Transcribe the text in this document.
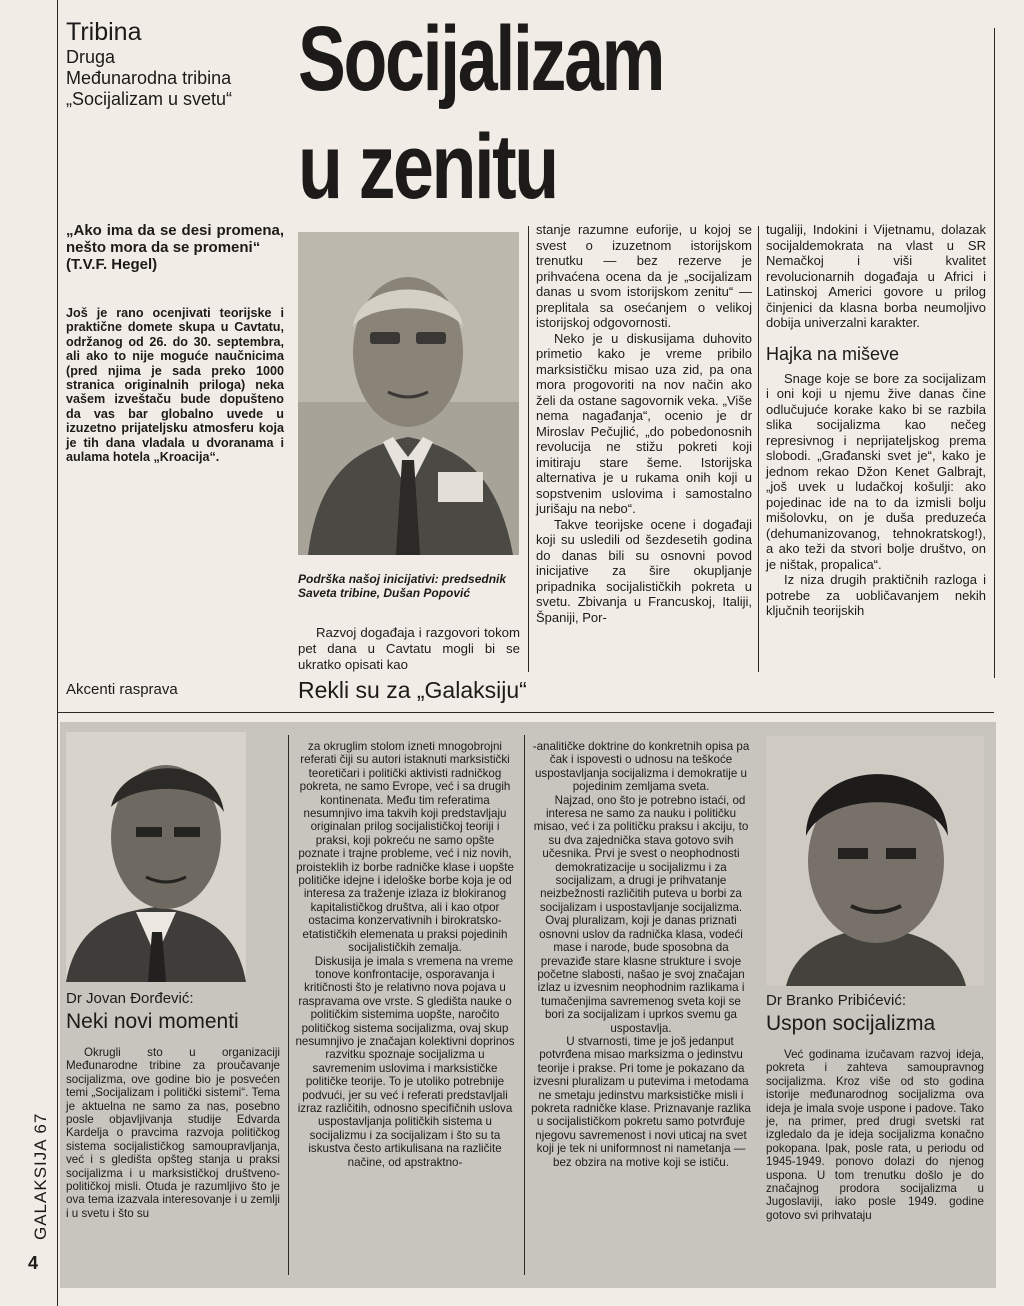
Tribina
Druga
Međunarodna tribina
„Socijalizam u svetu“ Socijalizam
u zenitu
„Ako ima da se desi promena, nešto mora da se promeni“
(T.V.F. Hegel)

Još je rano ocenjivati teorijske i praktične domete skupa u Cavtatu, održanog od 26. do 30. septembra, ali ako to nije moguće naučnicima (pred njima je sada preko 1000 stranica originalnih priloga) neka vašem izveštaču bude dopušteno da vas bar globalno uvede u izuzetno prijateljsku atmosferu koja je tih dana vladala u dvoranama i aulama hotela „Kroacija“.

Podrška našoj inicijativi: predsednik Saveta tribine, Dušan Popović

Razvoj događaja i razgovori tokom pet dana u Cavtatu mogli bi se ukratko opisati kao

stanje razumne euforije, u kojoj se svest o izuzetnom istorijskom trenutku — bez rezerve je prihvaćena ocena da je „socijalizam danas u svom istorijskom zenitu“ — preplitala sa osećanjem o velikoj istorijskoj odgovornosti.

Neko je u diskusijama duhovito primetio kako je vreme pribilo marksističku misao uza zid, pa ona mora progovoriti na nov način ako želi da ostane sagovornik veka. „Više nema nagađanja“, ocenio je dr Miroslav Pečujlić, „do pobedonosnih revolucija ne stižu pokreti koji imitiraju stare šeme. Istorijska alternativa je u rukama onih koji u sopstvenim uslovima i samostalno jurišaju na nebo“.

Takve teorijske ocene i događaji koji su usledili od šezdesetih godina do danas bili su osnovni povod inicijative za šire okupljanje pripadnika socijalističkih pokreta u svetu. Zbivanja u Francuskoj, Italiji, Španiji, Por-

tugaliji, Indokini i Vijetnamu, dolazak socijaldemokrata na vlast u SR Nemačkoj i viši kvalitet revolucionarnih događaja u Africi i Latinskoj Americi govore u prilog činjenici da klasna borba neumoljivo dobija univerzalni karakter.

Hajka na miševe

Snage koje se bore za socijalizam i oni koji u njemu žive danas čine odlučujuće korake kako bi se razbila slika socijalizma kao nečeg represivnog i neprijateljskog prema slobodi. „Građanski svet je“, kako je jednom rekao Džon Kenet Galbrajt, „još uvek u ludačkoj košulji: ako pojedinac ide na to da izmisli bolju mišolovku, on je duša preduzeća (dehumanizovanog, tehnokratskog!), a ako teži da stvori bolje društvo, on je ništak, propalica“.

Iz niza drugih praktičnih razloga i potrebe za uobličavanjem nekih ključnih teorijskih

Akcenti rasprava	Rekli su za „Galaksiju“
Dr Jovan Đorđević:
Neki novi momenti

Okrugli sto u organizaciji Međunarodne tribine za proučavanje socijalizma, ove godine bio je posvećen temi „Socijalizam i politički sistemi“. Tema je aktuelna ne samo za nas, posebno posle objavljivanja studije Edvarda Kardelja o pravcima razvoja političkog sistema socijalističkog samoupravljanja, već i s gledišta opšteg stanja u praksi socijalizma i u marksističkoj društveno-političkoj misli. Otuda je razumljivo što je ova tema izazvala interesovanje i u zemlji i u svetu i što su

za okruglim stolom izneti mnogobrojni referati čiji su autori istaknuti marksistički teoretičari i politički aktivisti radničkog pokreta, ne samo Evrope, već i sa drugih kontinenata. Među tim referatima nesumnjivo ima takvih koji predstavljaju originalan prilog socijalističkoj teoriji i praksi, koji pokreću ne samo opšte poznate i trajne probleme, već i niz novih, proisteklih iz borbe radničke klase i uopšte političke idejne i idelоške borbe koja je od interesa za traženje izlaza iz blokiranog kapitalističkog društva, ali i kao otpor ostacima konzervativnih i birokratsko-etatističkih elemenata u praksi pojedinih socijalističkih zemalja.

Diskusija je imala s vremena na vreme tonove konfrontacije, osporavanja i kritičnosti što je relativno nova pojava u raspravama ove vrste. S gledišta nauke o političkim sistemima uopšte, naročito političkog sistema socijalizma, ovaj skup nesumnjivo je značajan kolektivni doprinos razvitku spoznaje socijalizma u savremenim uslovima i marksističke političke teorije. To je utoliko potrebnije podvući, jer su već i referati predstavljali izraz različitih, odnosno specifičnih uslova uspostavljanja političkih sistema u socijalizmu i za socijalizam i što su ta iskustva često artikulisana na različite načine, od apstraktno-

-analitičke doktrine do konkretnih opisa pa čak i ispovesti o udnosu na teškoće uspostavljanja socijalizma i demokratije u pojedinim zemljama sveta.

Najzad, ono što je potrebno istaći, od interesa ne samo za nauku i političku misao, već i za političku praksu i akciju, to su dva zajednička stava gotovo svih učesnika. Prvi je svest o neophodnosti demokratizacije u socijalizmu i za socijalizam, a drugi je prihvatanje neizbežnosti različitih puteva u borbi za socijalizam i uspostavljanje socijalizma. Ovaj pluralizam, koji je danas priznati osnovni uslov da radnička klasa, vodeći mase i narode, bude sposobna da prevaziđe stare klasne strukture i svoje početne slabosti, našao je svoj značajan izlaz u izvesnim neophodnim razlikama i tumačenjima savremenog sveta koji se bori za socijalizam i uprkos svemu ga uspostavlja.

U stvarnosti, time je još jedanput potvrđena misao marksizma o jedinstvu teorije i prakse. Pri tome je pokazano da izvesni pluralizam u putevima i metodama ne smetaju jedinstvu marksističke misli i pokreta radničke klase. Priznavanje razlika u socijalističkom pokretu samo potvrđuje njegovu savremenost i novi uticaj na svet koji je tek ni uniformnost ni nametanja — bez obzira na motive koji se ističu.

Dr Branko Pribićević:
Uspon socijalizma

Već godinama izučavam razvoj ideja, pokreta i zahteva samoupravnog socijalizma. Kroz više od sto godina istorije međunarodnog socijalizma ova ideja je imala svoje uspone i padove. Tako je, na primer, pred drugi svetski rat izgledalo da je ideja socijalizma konačno pokopana. Ipak, posle rata, u periodu od 1945-1949. ponovo dolazi do njenog uspona. U tom trenutku došlo je do značajnog prodora socijalizma u Jugoslaviji, iako posle 1949. godine gotovo svi prihvataju

GALAKSIJA 67
4
